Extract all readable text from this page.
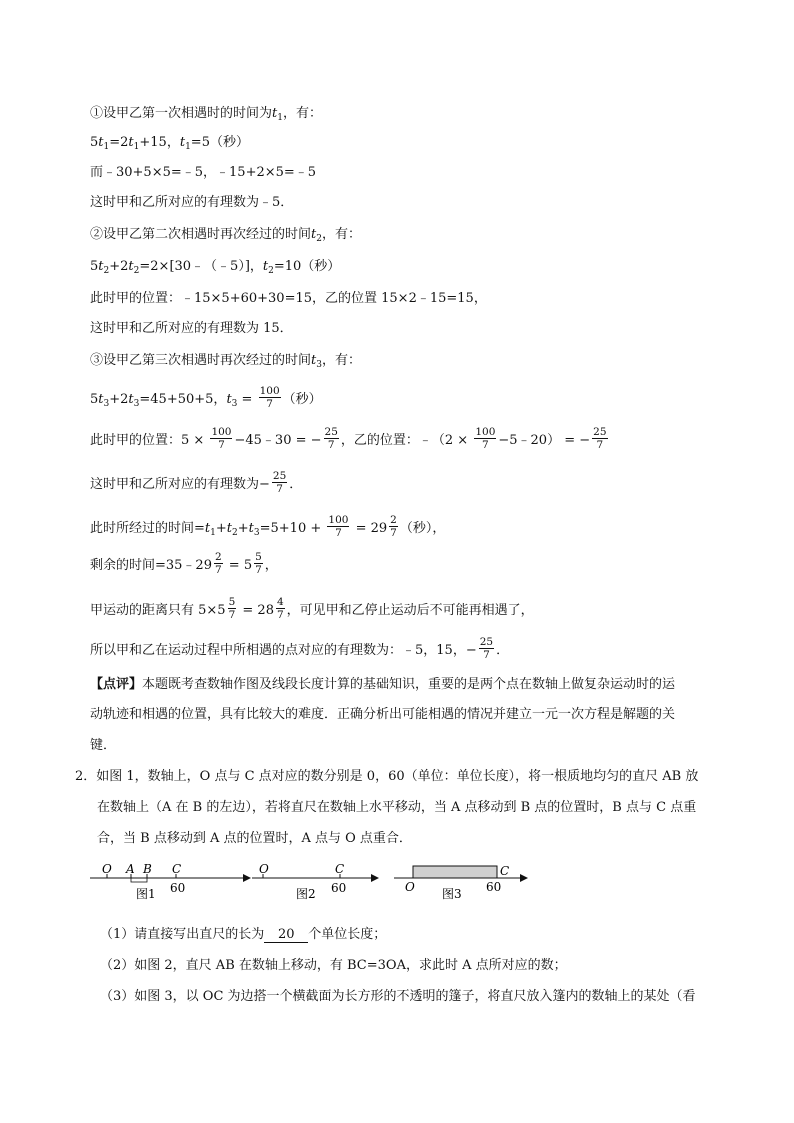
①设甲乙第一次相遇时的时间为$t_1$，有：
$5t_1=2t_1+15$，$t_1=5$（秒）
而﹣30+5×5=﹣5，﹣15+2×5=﹣5
这时甲和乙所对应的有理数为﹣5．
②设甲乙第二次相遇时再次经过的时间$t_2$，有：
$5t_2+2t_2=2\times[30﹣(﹣5)]$，$t_2=10$（秒）
此时甲的位置：﹣15×5+60+30=15，乙的位置 15×2﹣15=15，
这时甲和乙所对应的有理数为 15．
③设甲乙第三次相遇时再次经过的时间$t_3$，有：
$5t_3+2t_3=45+50+5$，$t_3 = \frac{100}{7}$ （秒）
此时甲的位置：$5 \times \frac{100}{7}$ −45﹣30 = − $\frac{25}{7}$ ，乙的位置：﹣（2 × $\frac{100}{7}$ −5﹣20） = − $\frac{25}{7}$
这时甲和乙所对应的有理数为− $\frac{25}{7}$ ．
此时所经过的时间$=t_1+t_2+t_3=5+10 + \frac{100}{7} = 29 \frac{2}{7}$ （秒），
剩余的时间=35﹣29 $\frac{2}{7} = 5 \frac{5}{7}$ ，
甲运动的距离只有 $5\times 5 \frac{5}{7} = 28 \frac{4}{7}$ ，可见甲和乙停止运动后不可能再相遇了，
所以甲和乙在运动过程中所相遇的点对应的有理数为：﹣5，15，− $\frac{25}{7}$ ．
【点评】本题既考查数轴作图及线段长度计算的基础知识，重要的是两个点在数轴上做复杂运动时的运
动轨迹和相遇的位置，具有比较大的难度．正确分析出可能相遇的情况并建立一元一次方程是解题的关
键．
2．如图 1，数轴上，O 点与 C 点对应的数分别是 0，60（单位：单位长度），将一根质地均匀的直尺 AB 放
在数轴上（A 在 B 的左边），若将直尺在数轴上水平移动，当 A 点移动到 B 点的位置时，B 点与 C 点重
合，当 B 点移动到 A 点的位置时，A 点与 O 点重合．
O A B C
60
图1
O	C
60
图2	O
C
60
图3
（1）请直接写出直尺的长为 20 个单位长度；
（2）如图 2，直尺 AB 在数轴上移动，有 BC=3OA，求此时 A 点所对应的数；
（3）如图 3，以 OC 为边搭一个横截面为长方形的不透明的篷子，将直尺放入篷内的数轴上的某处（看
